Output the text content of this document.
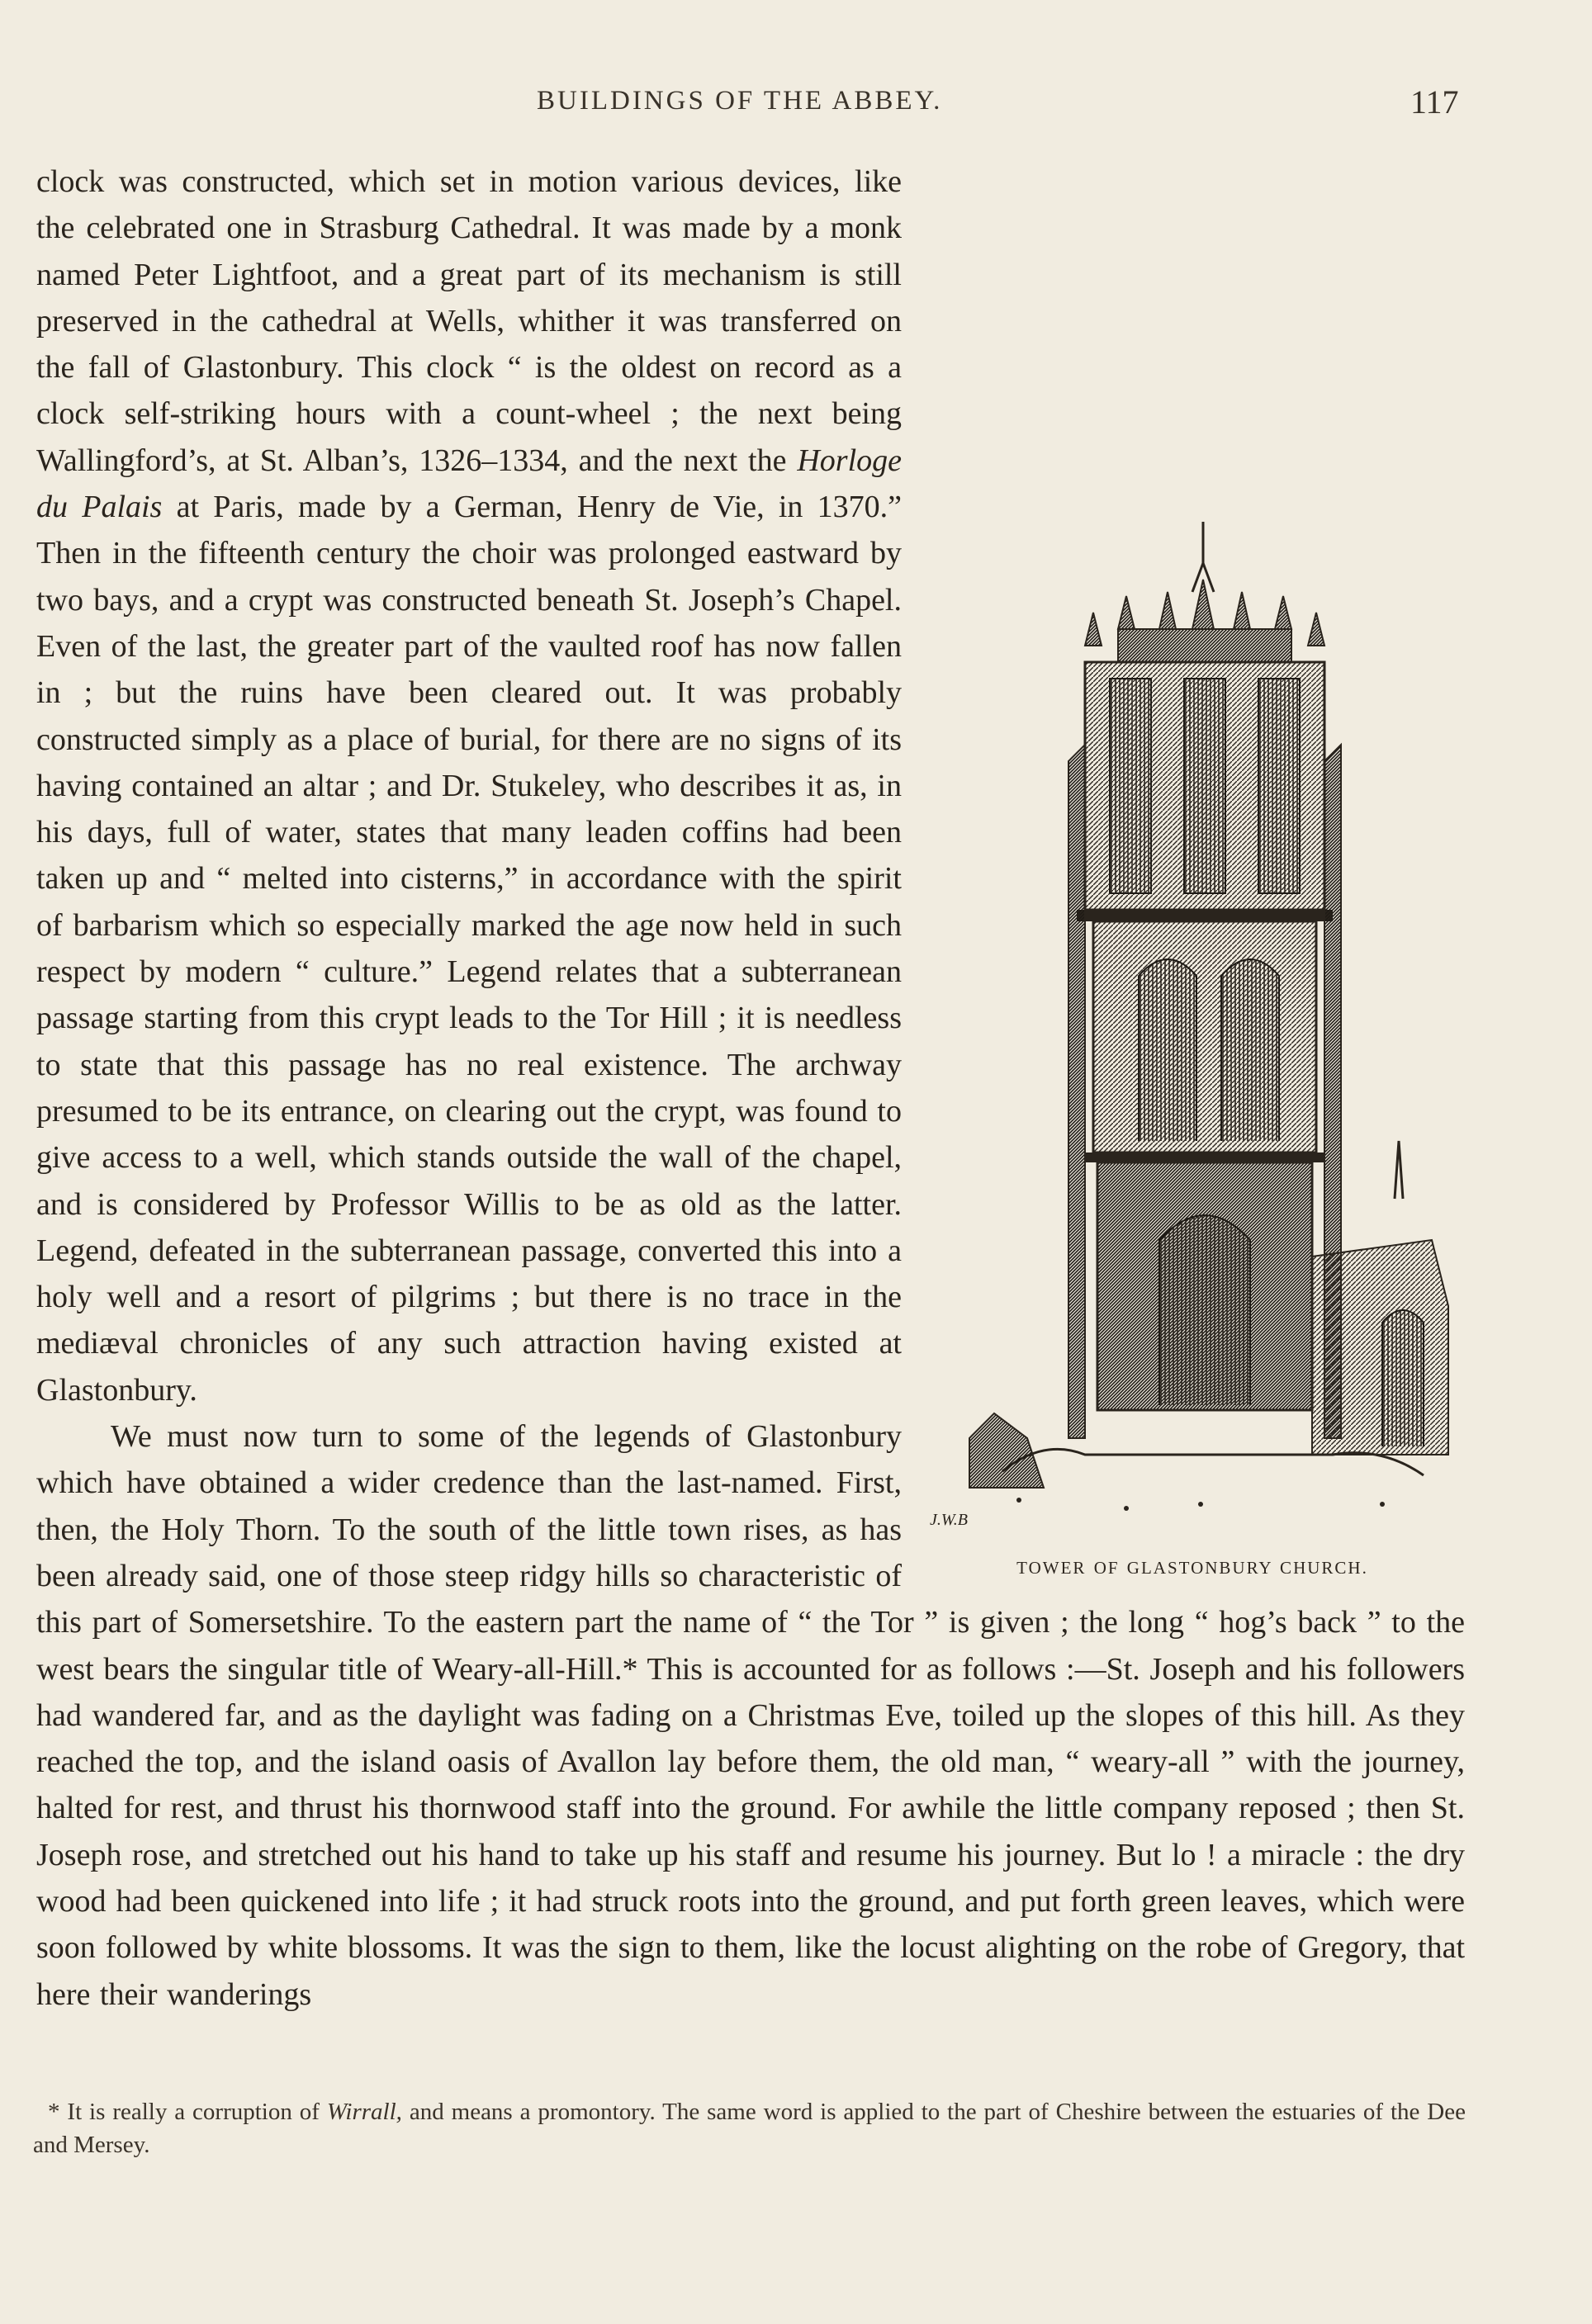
BUILDINGS OF THE ABBEY.	117
J.W.B
TOWER OF GLASTONBURY CHURCH.

clock was constructed, which set in motion various devices, like the celebrated one in Strasburg Cathedral. It was made by a monk named Peter Lightfoot, and a great part of its mechanism is still preserved in the cathedral at Wells, whither it was transferred on the fall of Glastonbury. This clock “ is the oldest on record as a clock self-striking hours with a count-wheel ; the next being Wallingford’s, at St. Alban’s, 1326–1334, and the next the Horloge du Palais at Paris, made by a German, Henry de Vie, in 1370.” Then in the fifteenth century the choir was prolonged eastward by two bays, and a crypt was constructed beneath St. Joseph’s Chapel. Even of the last, the greater part of the vaulted roof has now fallen in ; but the ruins have been cleared out. It was probably constructed simply as a place of burial, for there are no signs of its having contained an altar ; and Dr. Stukeley, who describes it as, in his days, full of water, states that many leaden coffins had been taken up and “ melted into cisterns,” in accordance with the spirit of barbarism which so especially marked the age now held in such respect by modern “ culture.” Legend relates that a subterranean passage starting from this crypt leads to the Tor Hill ; it is needless to state that this passage has no real existence. The archway presumed to be its entrance, on clearing out the crypt, was found to give access to a well, which stands outside the wall of the chapel, and is considered by Professor Willis to be as old as the latter. Legend, defeated in the subterranean passage, converted this into a holy well and a resort of pilgrims ; but there is no trace in the mediæval chronicles of any such attraction having existed at Glastonbury.

We must now turn to some of the legends of Glastonbury which have obtained a wider credence than the last-named. First, then, the Holy Thorn. To the south of the little town rises, as has been already said, one of those steep ridgy hills so characteristic of this part of Somersetshire. To the eastern part the name of “ the Tor ” is given ; the long “ hog’s back ” to the west bears the singular title of Weary-all-Hill.* This is accounted for as follows :—St. Joseph and his followers had wandered far, and as the daylight was fading on a Christmas Eve, toiled up the slopes of this hill. As they reached the top, and the island oasis of Avallon lay before them, the old man, “ weary-all ” with the journey, halted for rest, and thrust his thornwood staff into the ground. For awhile the little company reposed ; then St. Joseph rose, and stretched out his hand to take up his staff and resume his journey. But lo ! a miracle : the dry wood had been quickened into life ; it had struck roots into the ground, and put forth green leaves, which were soon followed by white blossoms. It was the sign to them, like the locust alighting on the robe of Gregory, that here their wanderings

* It is really a corruption of Wirrall, and means a promontory. The same word is applied to the part of Cheshire between the estuaries of the Dee and Mersey.
